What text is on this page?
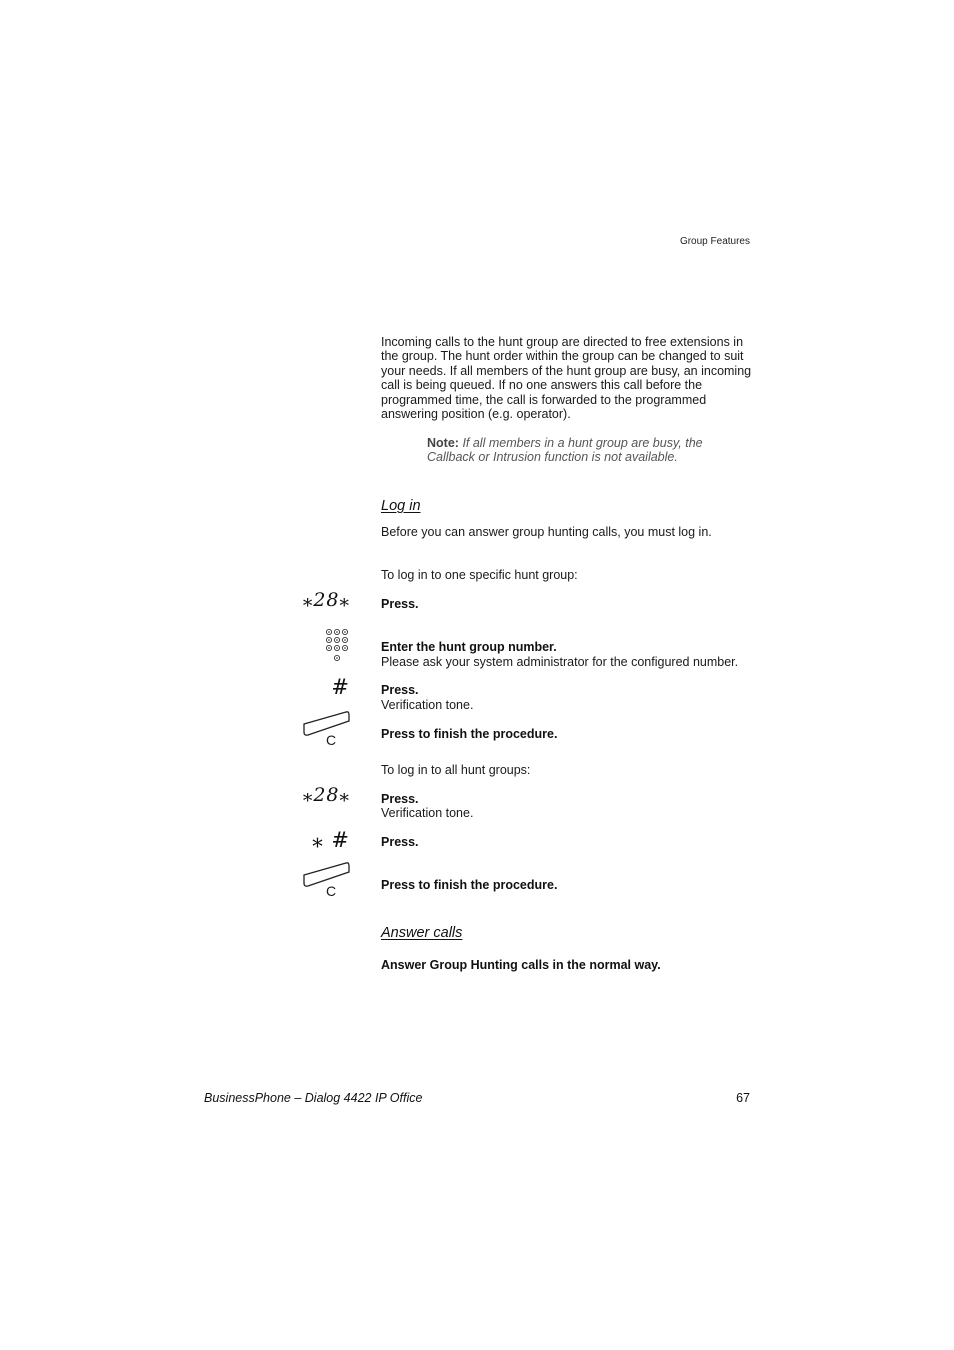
Group Features
Incoming calls to the hunt group are directed to free extensions in the group. The hunt order within the group can be changed to suit your needs. If all members of the hunt group are busy, an incoming call is being queued. If no one answers this call before the programmed time, the call is forwarded to the programmed answering position (e.g. operator).
Note: If all members in a hunt group are busy, the Callback or Intrusion function is not available.
Log in
Before you can answer group hunting calls, you must log in.
To log in to one specific hunt group:
⁎28⁎ Press.
Enter the hunt group number.
Please ask your system administrator for the configured number.
# Press.
Verification tone.
C	Press to finish the procedure.
To log in to all hunt groups:
⁎28⁎ Press.
Verification tone.
⁎ # Press.
C	Press to finish the procedure.
Answer calls
Answer Group Hunting calls in the normal way.
BusinessPhone – Dialog 4422 IP Office	67
